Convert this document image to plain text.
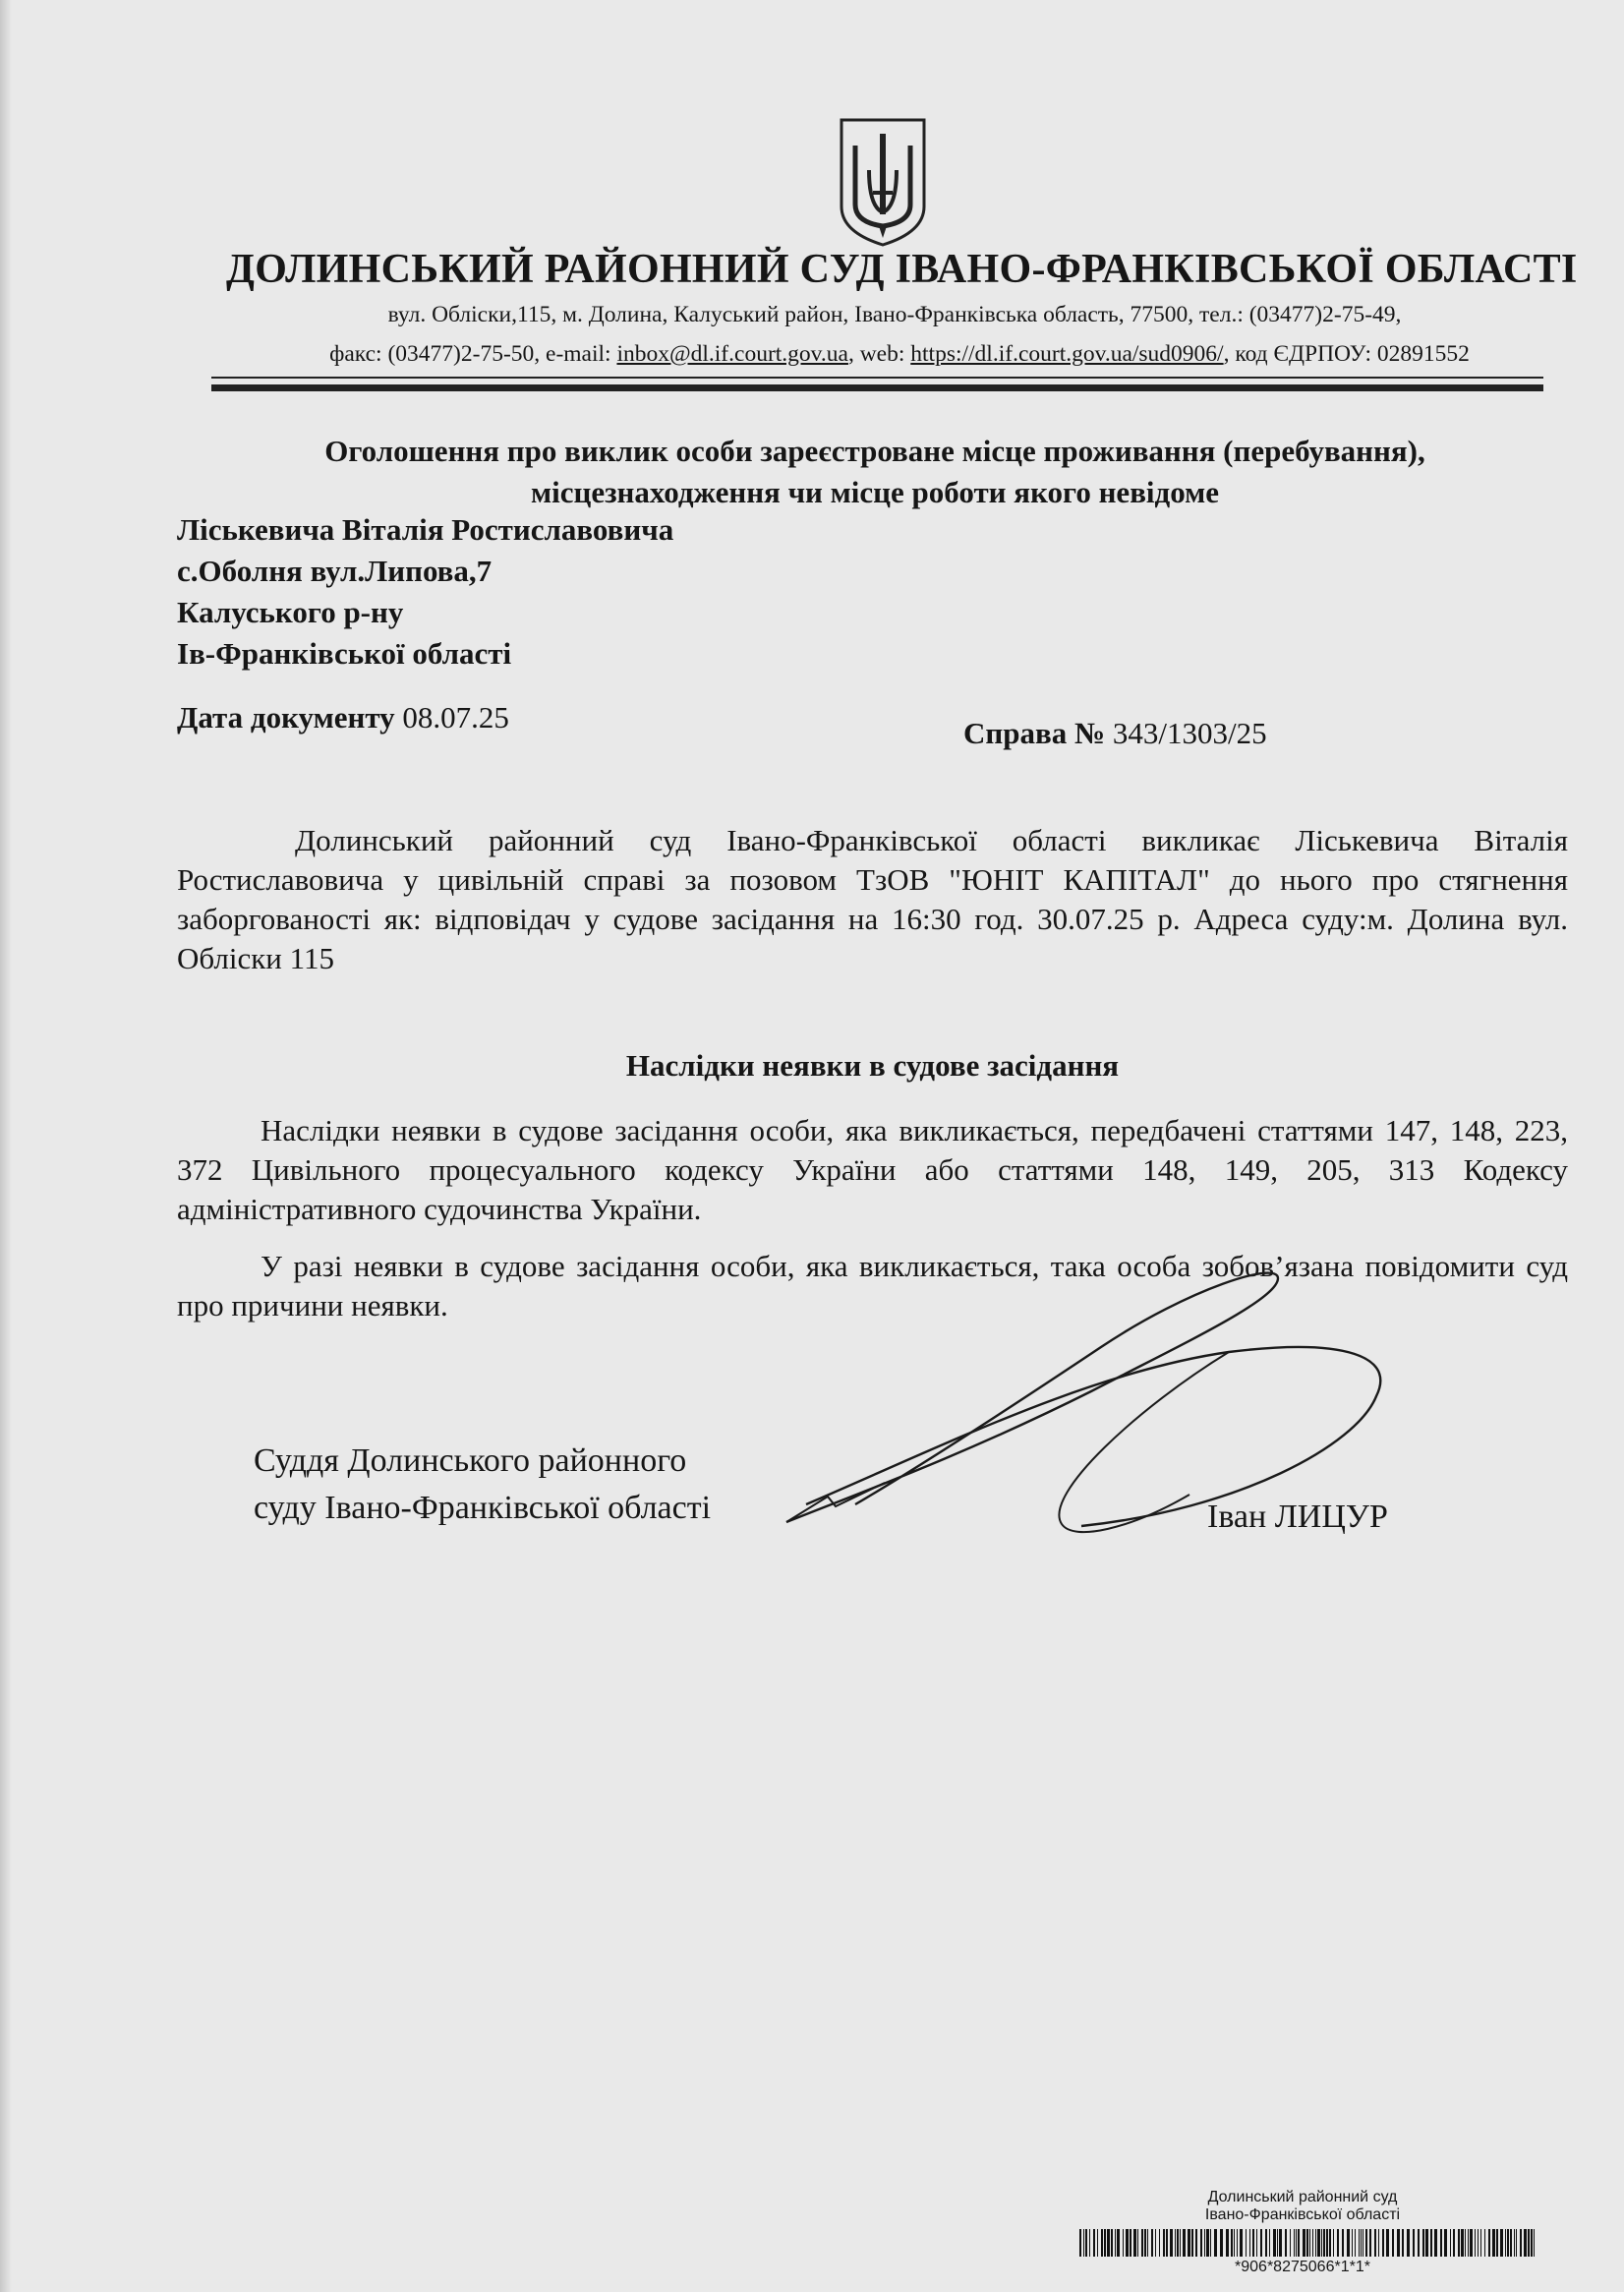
ДОЛИНСЬКИЙ РАЙОННИЙ СУД ІВАНО-ФРАНКІВСЬКОЇ ОБЛАСТІ
вул. Обліски,115, м. Долина, Калуський район, Івано-Франківська область, 77500, тел.: (03477)2-75-49,
факс: (03477)2-75-50, e-mail: inbox@dl.if.court.gov.ua, web: https://dl.if.court.gov.ua/sud0906/, код ЄДРПОУ: 02891552
Оголошення про виклик особи зареєстроване місце проживання (перебування),
місцезнаходження чи місце роботи якого невідоме
Ліськевича Віталія Ростиславовича
с.Оболня вул.Липова,7
Калуського р-ну
Ів-Франківської області
Дата документу 08.07.25	Справа № 343/1303/25
Долинський районний суд Івано-Франківської області викликає Ліськевича Віталія Ростиславовича у цивільній справі за позовом ТзОВ "ЮНІТ КАПІТАЛ" до нього про стягнення заборгованості як: відповідач у судове засідання на 16:30 год. 30.07.25 р. Адреса суду:м. Долина вул. Обліски 115
Наслідки неявки в судове засідання
Наслідки неявки в судове засідання особи, яка викликається, передбачені статтями 147, 148, 223, 372 Цивільного процесуального кодексу України або статтями 148, 149, 205, 313 Кодексу адміністративного судочинства України.
У разі неявки в судове засідання особи, яка викликається, така особа зобов’язана повідомити суд про причини неявки.
Суддя Долинського районного
суду Івано-Франківської області	Іван ЛИЦУР
Долинський районний суд
Івано-Франківської області
*906*8275066*1*1*
